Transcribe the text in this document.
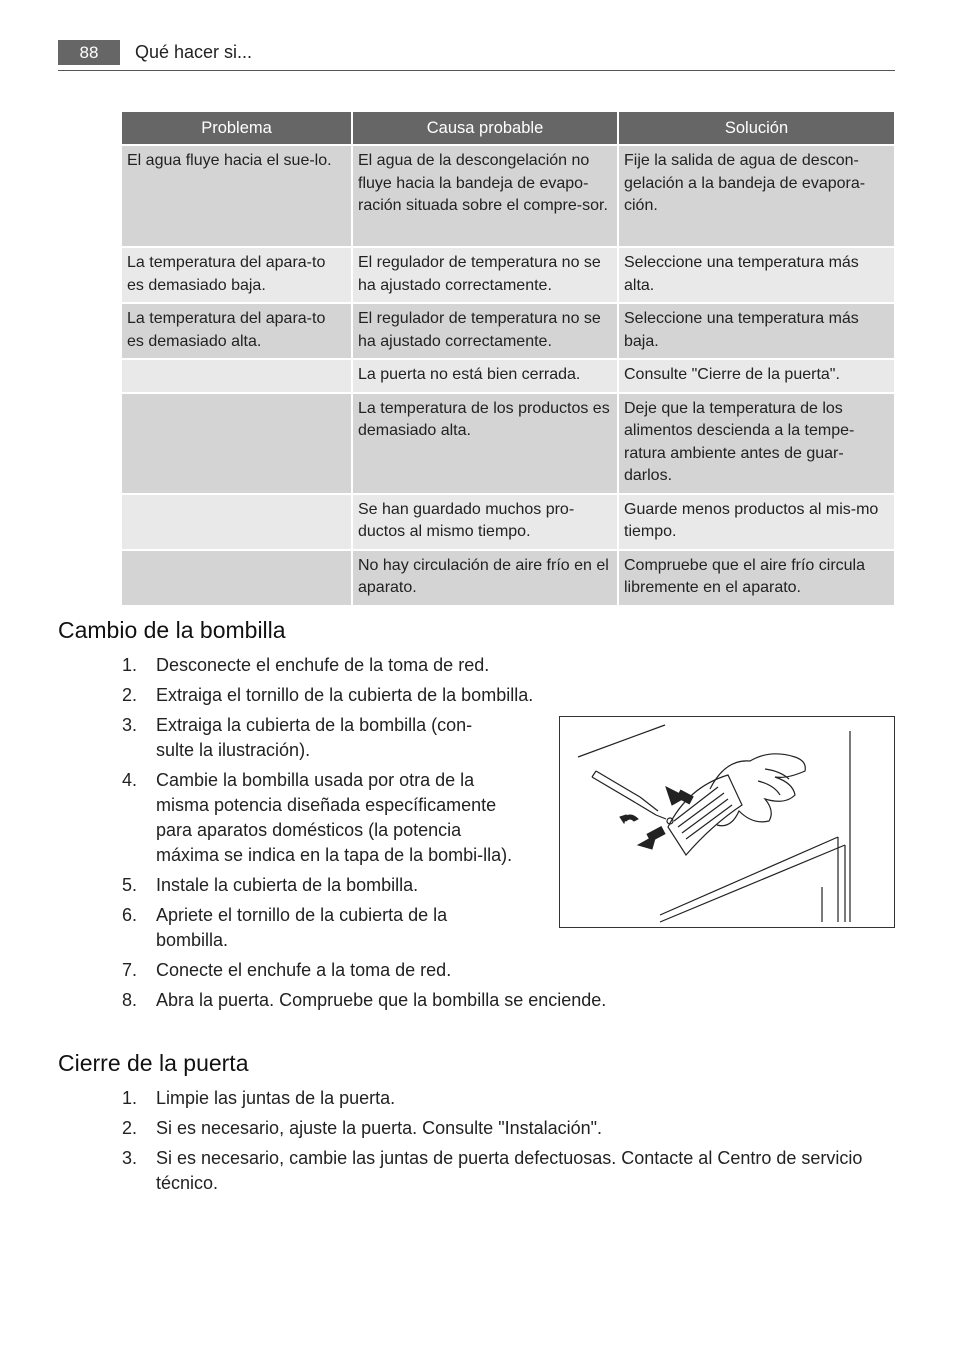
88	Qué hacer si...
Problema	Causa probable	Solución
El agua fluye hacia el sue-lo.	El agua de la descongelación no fluye hacia la bandeja de evapo-ración situada sobre el compre-sor.	Fije la salida de agua de descon-gelación a la bandeja de evapora-ción.
La temperatura del apara-to es demasiado baja.	El regulador de temperatura no se ha ajustado correctamente.	Seleccione una temperatura más alta.
La temperatura del apara-to es demasiado alta.	El regulador de temperatura no se ha ajustado correctamente.	Seleccione una temperatura más baja.
	La puerta no está bien cerrada.	Consulte "Cierre de la puerta".
	La temperatura de los productos es demasiado alta.	Deje que la temperatura de los alimentos descienda a la tempe-ratura ambiente antes de guar-darlos.
	Se han guardado muchos pro-ductos al mismo tiempo.	Guarde menos productos al mis-mo tiempo.
	No hay circulación de aire frío en el aparato.	Compruebe que el aire frío circula libremente en el aparato.
Cambio de la bombilla
1. Desconecte el enchufe de la toma de red.
2. Extraiga el tornillo de la cubierta de la bombilla.
3. Extraiga la cubierta de la bombilla (con-sulte la ilustración).
4. Cambie la bombilla usada por otra de la misma potencia diseñada específicamente para aparatos domésticos (la potencia máxima se indica en la tapa de la bombi-lla).
5. Instale la cubierta de la bombilla.
6. Apriete el tornillo de la cubierta de la bombilla.
7. Conecte el enchufe a la toma de red.
8. Abra la puerta. Compruebe que la bombilla se enciende.
Cierre de la puerta
1. Limpie las juntas de la puerta.
2. Si es necesario, ajuste la puerta. Consulte "Instalación".
3. Si es necesario, cambie las juntas de puerta defectuosas. Contacte al Centro de servicio técnico.
